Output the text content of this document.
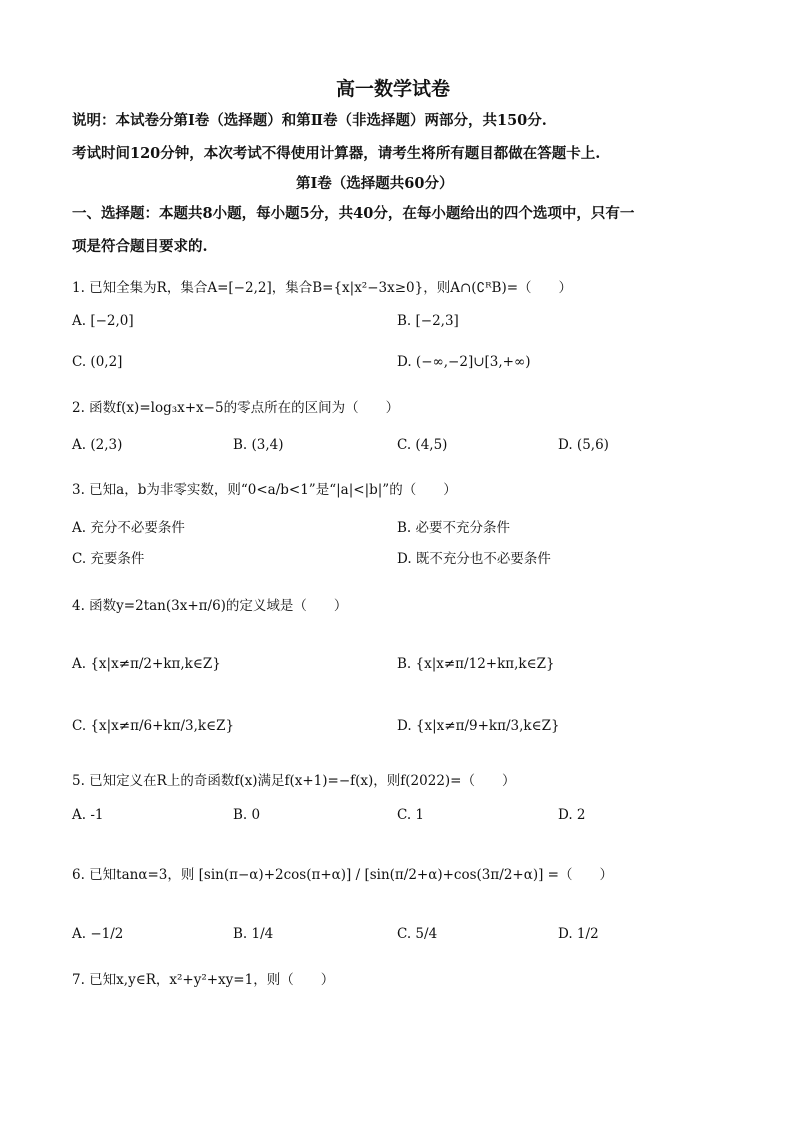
高一数学试卷
说明：本试卷分第Ⅰ卷（选择题）和第Ⅱ卷（非选择题）两部分，共150分.
考试时间120分钟，本次考试不得使用计算器，请考生将所有题目都做在答题卡上.
第Ⅰ卷（选择题共60分）
一、选择题：本题共8小题，每小题5分，共40分，在每小题给出的四个选项中，只有一
项是符合题目要求的.
1. 已知全集为R，集合A=[−2,2]，集合B={x|x²−3x≥0}，则A∩(∁ᴿB)=（　　）
A. [−2,0]	B. [−2,3]
C. (0,2]	D. (−∞,−2]∪[3,+∞)
2. 函数f(x)=log₃x+x−5的零点所在的区间为（　　）
A. (2,3)	B. (3,4)	C. (4,5)	D. (5,6)
3. 已知a，b为非零实数，则“0<a/b<1”是“|a|<|b|”的（　　）
A. 充分不必要条件	B. 必要不充分条件
C. 充要条件	D. 既不充分也不必要条件
4. 函数y=2tan(3x+π/6)的定义域是（　　）
A. {x|x≠π/2+kπ,k∈Z}	B. {x|x≠π/12+kπ,k∈Z}
C. {x|x≠π/6+kπ/3,k∈Z}	D. {x|x≠π/9+kπ/3,k∈Z}
5. 已知定义在R上的奇函数f(x)满足f(x+1)=−f(x)，则f(2022)=（　　）
A. -1	B. 0	C. 1	D. 2
6. 已知tanα=3，则 [sin(π−α)+2cos(π+α)] / [sin(π/2+α)+cos(3π/2+α)] =（　　）
A. −1/2	B. 1/4	C. 5/4	D. 1/2
7. 已知x,y∈R，x²+y²+xy=1，则（　　）
